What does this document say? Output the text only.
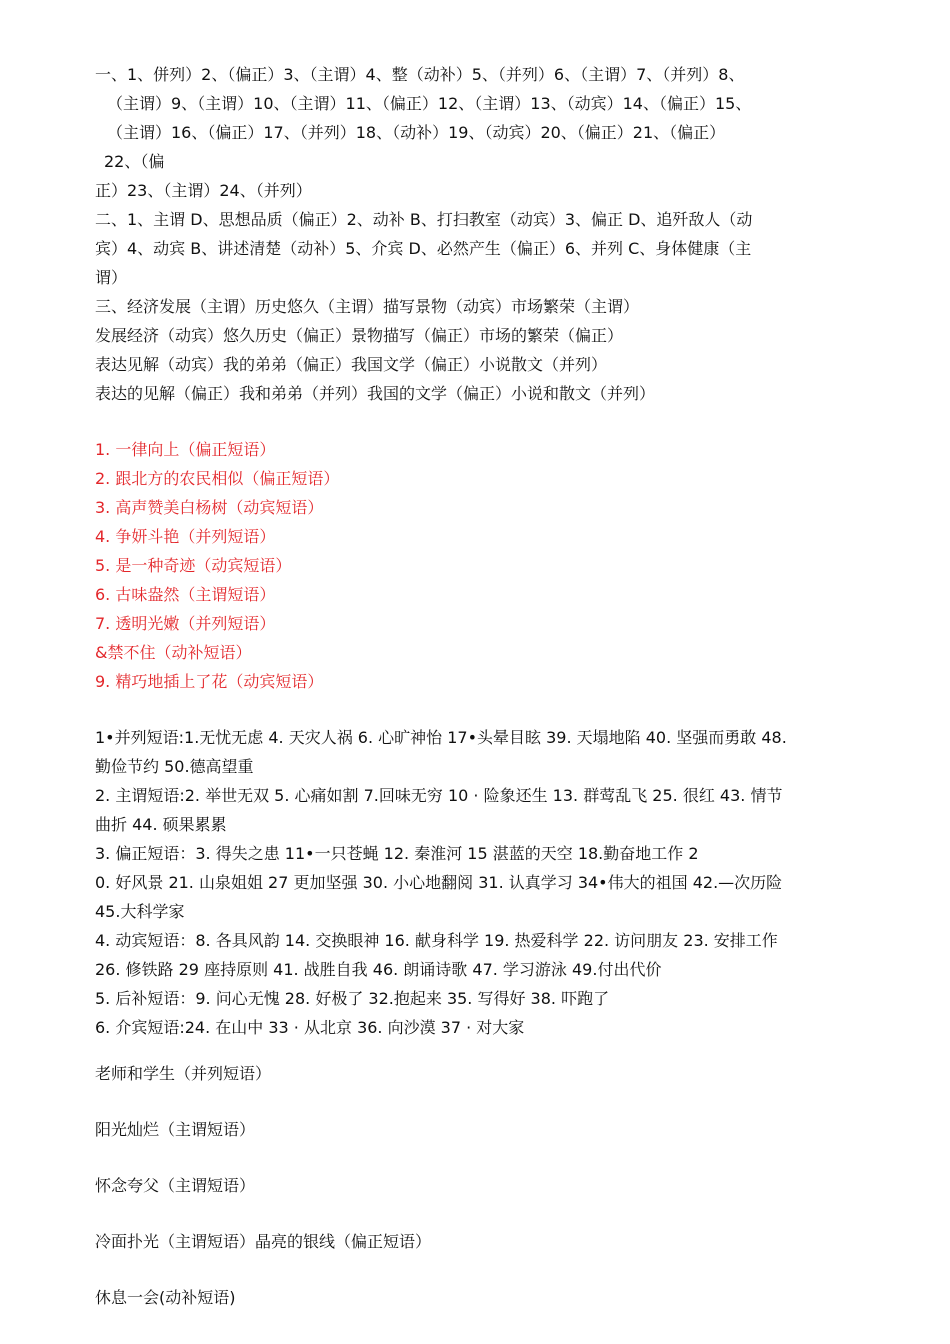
一、1、併列）2、（偏正）3、（主谓）4、整（动补）5、（并列）6、（主谓）7、（并列）8、
（主谓）9、（主谓）10、（主谓）11、（偏正）12、（主谓）13、（动宾）14、（偏正）15、
（主谓）16、（偏正）17、（并列）18、（动补）19、（动宾）20、（偏正）21、（偏正）
22、（偏
正）23、（主谓）24、（并列）
二、1、主谓 D、思想品质（偏正）2、动补 B、打扫教室（动宾）3、偏正 D、追歼敌人（动
宾）4、动宾 B、讲述清楚（动补）5、介宾 D、必然产生（偏正）6、并列 C、身体健康（主
谓）
三、经济发展（主谓）历史悠久（主谓）描写景物（动宾）市场繁荣（主谓）
发展经济（动宾）悠久历史（偏正）景物描写（偏正）市场的繁荣（偏正）
表达见解（动宾）我的弟弟（偏正）我国文学（偏正）小说散文（并列）
表达的见解（偏正）我和弟弟（并列）我国的文学（偏正）小说和散文（并列）
1. 一律向上（偏正短语）
2. 跟北方的农民相似（偏正短语）
3. 高声赞美白杨树（动宾短语）
4. 争妍斗艳（并列短语）
5. 是一种奇迹（动宾短语）
6. 古味盎然（主谓短语）
7. 透明光嫩（并列短语）
&禁不住（动补短语）
9. 精巧地插上了花（动宾短语）
1•并列短语:1.无忧无虑 4. 天灾人祸 6. 心旷神怡 17•头晕目眩 39. 天塌地陷 40. 坚强而勇敢 48.
勤俭节约 50.德高望重
2. 主谓短语:2. 举世无双 5. 心痛如割 7.回味无穷 10 · 险象还生 13. 群莺乱飞 25. 很红 43. 情节
曲折 44. 硕果累累
3. 偏正短语：3. 得失之患 11•一只苍蝇 12. 秦淮河 15 湛蓝的天空 18.勤奋地工作 2
0. 好风景 21. 山泉姐姐 27 更加坚强 30. 小心地翻阅 31. 认真学习 34•伟大的祖国 42.—次历险
45.大科学家
4. 动宾短语：8. 各具风韵 14. 交换眼神 16. 献身科学 19. 热爱科学 22. 访问朋友 23. 安排工作
26. 修铁路 29 座持原则 41. 战胜自我 46. 朗诵诗歌 47. 学习游泳 49.付出代价
5. 后补短语：9. 问心无愧 28. 好极了 32.抱起来 35. 写得好 38. 吓跑了
6. 介宾短语:24. 在山中 33 · 从北京 36. 向沙漠 37 · 对大家
老师和学生（并列短语）
阳光灿烂（主谓短语）
怀念夸父（主谓短语）
冷面扑光（主谓短语）晶亮的银线（偏正短语）
休息一会(动补短语)
